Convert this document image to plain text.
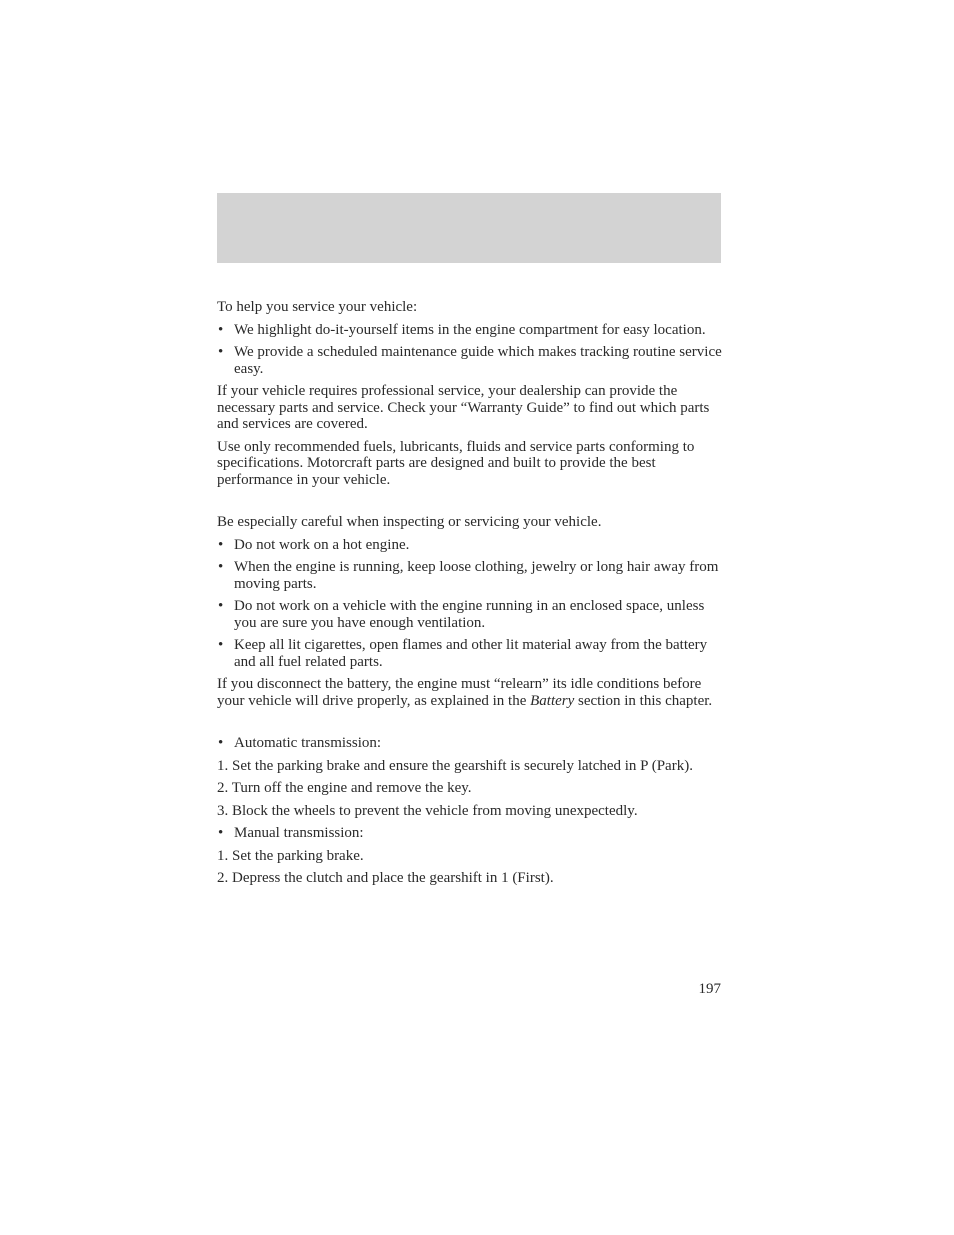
To help you service your vehicle:

• We highlight do-it-yourself items in the engine compartment for easy location.
• We provide a scheduled maintenance guide which makes tracking routine service easy.

If your vehicle requires professional service, your dealership can provide the necessary parts and service. Check your “Warranty Guide” to find out which parts and services are covered.

Use only recommended fuels, lubricants, fluids and service parts conforming to specifications. Motorcraft parts are designed and built to provide the best performance in your vehicle.

Be especially careful when inspecting or servicing your vehicle.

• Do not work on a hot engine.
• When the engine is running, keep loose clothing, jewelry or long hair away from moving parts.
• Do not work on a vehicle with the engine running in an enclosed space, unless you are sure you have enough ventilation.
• Keep all lit cigarettes, open flames and other lit material away from the battery and all fuel related parts.

If you disconnect the battery, the engine must “relearn” its idle conditions before your vehicle will drive properly, as explained in the Battery section in this chapter.

• Automatic transmission:

1. Set the parking brake and ensure the gearshift is securely latched in P (Park).

2. Turn off the engine and remove the key.

3. Block the wheels to prevent the vehicle from moving unexpectedly.

• Manual transmission:

1. Set the parking brake.

2. Depress the clutch and place the gearshift in 1 (First).

197
